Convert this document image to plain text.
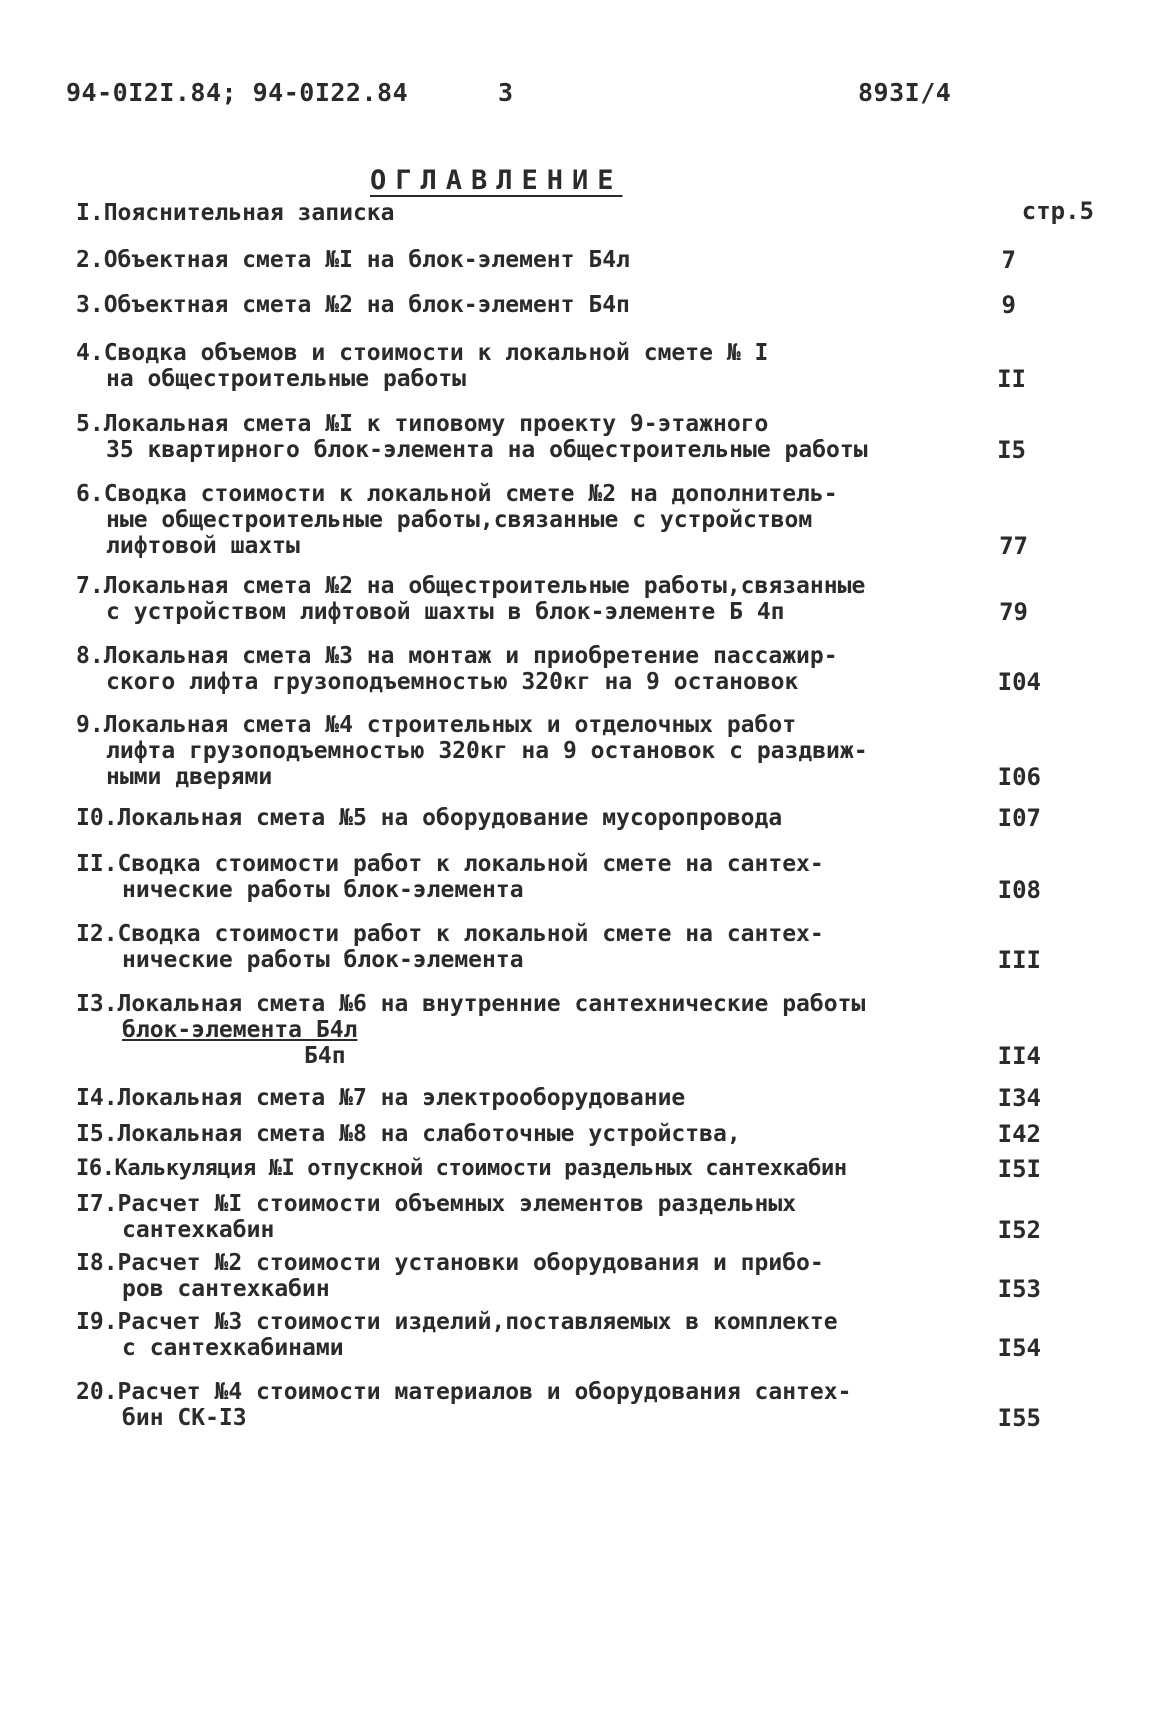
94-0I2I.84; 94-0I22.84	3	893I/4
ОГЛАВЛЕНИЕ
I.Пояснительная записка	стр.5
2.Объектная смета №I на блок-элемент Б4л	7
3.Объектная смета №2 на блок-элемент Б4п	9
4.Сводка объемов и стоимости к локальной смете № I
на общестроительные работы	II
5.Локальная смета №I к типовому проекту 9-этажного
35 квартирного блок-элемента на общестроительные работы	I5
6.Сводка стоимости к локальной смете №2 на дополнитель-
ные общестроительные работы,связанные с устройством
лифтовой шахты	77
7.Локальная смета №2 на общестроительные работы,связанные
с устройством лифтовой шахты в блок-элементе Б 4п	79
8.Локальная смета №3 на монтаж и приобретение пассажир-
ского лифта грузоподъемностью 320кг на 9 остановок	I04
9.Локальная смета №4 строительных и отделочных работ
лифта грузоподъемностью 320кг на 9 остановок с раздвиж-
ными дверями	I06
I0.Локальная смета №5 на оборудование мусоропровода	I07
II.Сводка стоимости работ к локальной смете на сантех-
нические работы блок-элемента	I08
I2.Сводка стоимости работ к локальной смете на сантех-
нические работы блок-элемента	III
I3.Локальная смета №6 на внутренние сантехнические работы
блок-элемента Б4л
Б4п	II4
I4.Локальная смета №7 на электрооборудование	I34
I5.Локальная смета №8 на слаботочные устройства,	I42
I6.Калькуляция №I отпускной стоимости раздельных сантехкабин	I5I
I7.Расчет №I стоимости объемных элементов раздельных
сантехкабин	I52
I8.Расчет №2 стоимости установки оборудования и прибо-
ров сантехкабин	I53
I9.Расчет №3 стоимости изделий,поставляемых в комплекте
с сантехкабинами	I54
20.Расчет №4 стоимости материалов и оборудования сантех-
бин СК-I3	I55
